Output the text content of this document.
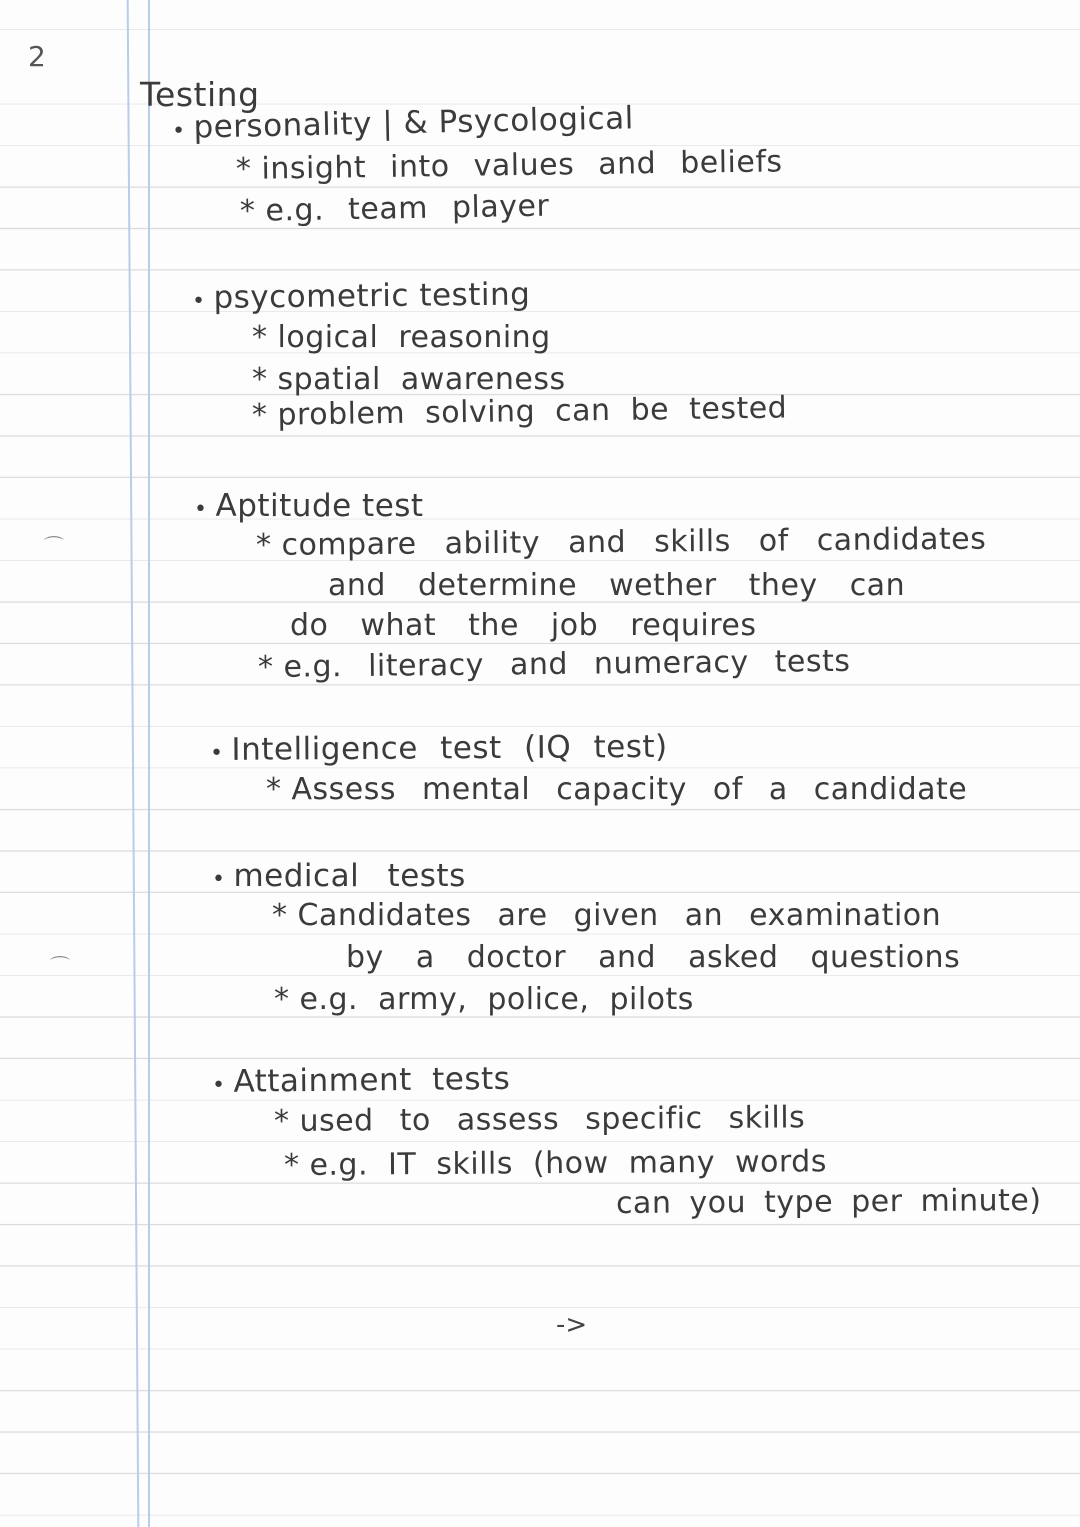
2
Testing
• personality | & Psycological
* insight into values and beliefs
* e.g. team player
• psycometric testing
* logical reasoning
* spatial awareness
* problem solving can be tested
• Aptitude test
* compare ability and skills of candidates
and determine wether they can
do what the job requires
* e.g. literacy and numeracy tests
• Intelligence test (IQ test)
* Assess mental capacity of a candidate
• medical tests
* Candidates are given an examination
by a doctor and asked questions
* e.g. army, police, pilots
• Attainment tests
* used to assess specific skills
* e.g. IT skills (how many words
can you type per minute)
->
⌒
⌒
